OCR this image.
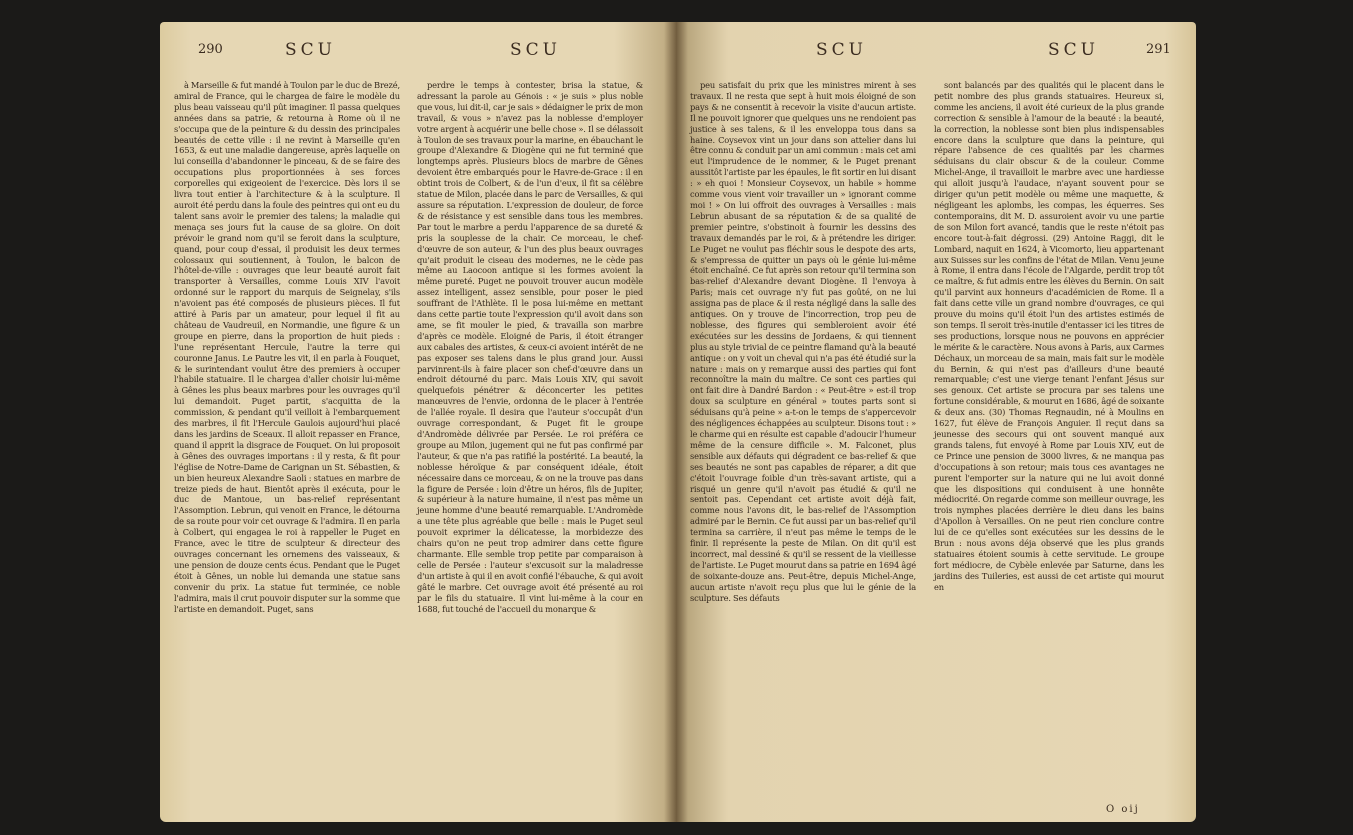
290	SCU	SCU

à Marseille & fut mandé à Toulon par le duc de Brezé, amiral de France, qui le chargea de faire le modèle du plus beau vaisseau qu'il pût imaginer. Il passa quelques années dans sa patrie, & retourna à Rome où il ne s'occupa que de la peinture & du dessin des principales beautés de cette ville : il ne revint à Marseille qu'en 1653, & eut une maladie dangereuse, après laquelle on lui conseilla d'abandonner le pinceau, & de se faire des occupations plus proportionnées à ses forces corporelles qui exigeoient de l'exercice. Dès lors il se livra tout entier à l'architecture & à la sculpture. Il auroit été perdu dans la foule des peintres qui ont eu du talent sans avoir le premier des talens; la maladie qui menaça ses jours fut la cause de sa gloire. On doit prévoir le grand nom qu'il se feroit dans la sculpture, quand, pour coup d'essai, il produisit les deux termes colossaux qui soutiennent, à Toulon, le balcon de l'hôtel-de-ville : ouvrages que leur beauté auroit fait transporter à Versailles, comme Louis XIV l'avoit ordonné sur le rapport du marquis de Seignelay, s'ils n'avoient pas été composés de plusieurs pièces. Il fut attiré à Paris par un amateur, pour lequel il fit au château de Vaudreuil, en Normandie, une figure & un groupe en pierre, dans la proportion de huit pieds : l'une représentant Hercule, l'autre la terre qui couronne Janus. Le Pautre les vit, il en parla à Fouquet, & le surintendant voulut être des premiers à occuper l'habile statuaire. Il le chargea d'aller choisir lui-même à Gênes les plus beaux marbres pour les ouvrages qu'il lui demandoit. Puget partit, s'acquitta de la commission, & pendant qu'il veilloit à l'embarquement des marbres, il fit l'Hercule Gaulois aujourd'hui placé dans les jardins de Sceaux. Il alloit repasser en France, quand il apprit la disgrace de Fouquet. On lui proposoit à Gênes des ouvrages importans : il y resta, & fit pour l'église de Notre-Dame de Carignan un St. Sébastien, & un bien heureux Alexandre Saoli : statues en marbre de treize pieds de haut. Bientôt après il exécuta, pour le duc de Mantoue, un bas-relief représentant l'Assomption. Lebrun, qui venoit en France, le détourna de sa route pour voir cet ouvrage & l'admira. Il en parla à Colbert, qui engagea le roi à rappeller le Puget en France, avec le titre de sculpteur & directeur des ouvrages concernant les ornemens des vaisseaux, & une pension de douze cents écus. Pendant que le Puget étoit à Gênes, un noble lui demanda une statue sans convenir du prix. La statue fut terminée, ce noble l'admira, mais il crut pouvoir disputer sur la somme que l'artiste en demandoit. Puget, sans

perdre le temps à contester, brisa la statue, & adressant la parole au Génois : « je suis » plus noble que vous, lui dit-il, car je sais » dédaigner le prix de mon travail, & vous » n'avez pas la noblesse d'employer votre argent à acquérir une belle chose ». Il se délassoit à Toulon de ses travaux pour la marine, en ébauchant le groupe d'Alexandre & Diogène qui ne fut terminé que longtemps après. Plusieurs blocs de marbre de Gênes devoient être embarqués pour le Havre-de-Grace : il en obtint trois de Colbert, & de l'un d'eux, il fit sa célèbre statue de Milon, placée dans le parc de Versailles, & qui assure sa réputation. L'expression de douleur, de force & de résistance y est sensible dans tous les membres. Par tout le marbre a perdu l'apparence de sa dureté & pris la souplesse de la chair. Ce morceau, le chef-d'œuvre de son auteur, & l'un des plus beaux ouvrages qu'ait produit le ciseau des modernes, ne le cède pas même au Laocoon antique si les formes avoient la même pureté. Puget ne pouvoit trouver aucun modèle assez intelligent, assez sensible, pour poser le pied souffrant de l'Athlète. Il le posa lui-même en mettant dans cette partie toute l'expression qu'il avoit dans son ame, se fit mouler le pied, & travailla son marbre d'après ce modèle. Eloigné de Paris, il étoit étranger aux cabales des artistes, & ceux-ci avoient intérêt de ne pas exposer ses talens dans le plus grand jour. Aussi parvinrent-ils à faire placer son chef-d'œuvre dans un endroit détourné du parc. Mais Louis XIV, qui savoit quelquefois pénétrer & déconcerter les petites manœuvres de l'envie, ordonna de le placer à l'entrée de l'allée royale. Il desira que l'auteur s'occupât d'un ouvrage correspondant, & Puget fit le groupe d'Andromède délivrée par Persée. Le roi préféra ce groupe au Milon, jugement qui ne fut pas confirmé par l'auteur, & que n'a pas ratifié la postérité. La beauté, la noblesse héroïque & par conséquent idéale, étoit nécessaire dans ce morceau, & on ne la trouve pas dans la figure de Persée : loin d'être un héros, fils de Jupiter, & supérieur à la nature humaine, il n'est pas même un jeune homme d'une beauté remarquable. L'Andromède a une tête plus agréable que belle : mais le Puget seul pouvoit exprimer la délicatesse, la morbidezze des chairs qu'on ne peut trop admirer dans cette figure charmante. Elle semble trop petite par comparaison à celle de Persée : l'auteur s'excusoit sur la maladresse d'un artiste à qui il en avoit confié l'ébauche, & qui avoit gâté le marbre. Cet ouvrage avoit été présenté au roi par le fils du statuaire. Il vint lui-même à la cour en 1688, fut touché de l'accueil du monarque &

SCU	SCU	291

peu satisfait du prix que les ministres mirent à ses travaux. Il ne resta que sept à huit mois éloigné de son pays & ne consentit à recevoir la visite d'aucun artiste. Il ne pouvoit ignorer que quelques uns ne rendoient pas justice à ses talens, & il les enveloppa tous dans sa haine. Coysevox vint un jour dans son attelier dans lui être connu & conduit par un ami commun : mais cet ami eut l'imprudence de le nommer, & le Puget prenant aussitôt l'artiste par les épaules, le fit sortir en lui disant : » eh quoi ! Monsieur Coysevox, un habile » homme comme vous vient voir travailler un » ignorant comme moi ! » On lui offroit des ouvrages à Versailles : mais Lebrun abusant de sa réputation & de sa qualité de premier peintre, s'obstinoit à fournir les dessins des travaux demandés par le roi, & à prétendre les diriger. Le Puget ne voulut pas fléchir sous le despote des arts, & s'empressa de quitter un pays où le génie lui-même étoit enchaîné. Ce fut après son retour qu'il termina son bas-relief d'Alexandre devant Diogène. Il l'envoya à Paris; mais cet ouvrage n'y fut pas goûté, on ne lui assigna pas de place & il resta négligé dans la salle des antiques. On y trouve de l'incorrection, trop peu de noblesse, des figures qui sembleroient avoir été exécutées sur les dessins de Jordaens, & qui tiennent plus au style trivial de ce peintre flamand qu'à la beauté antique : on y voit un cheval qui n'a pas été étudié sur la nature : mais on y remarque aussi des parties qui font reconnoître la main du maître. Ce sont ces parties qui ont fait dire à Dandré Bardon : « Peut-être » est-il trop doux sa sculpture en général » toutes parts sont si séduisans qu'à peine » a-t-on le temps de s'appercevoir des négligences échappées au sculpteur. Disons tout : » le charme qui en résulte est capable d'adoucir l'humeur même de la censure difficile ». M. Falconet, plus sensible aux défauts qui dégradent ce bas-relief & que ses beautés ne sont pas capables de réparer, a dit que c'étoit l'ouvrage foible d'un très-savant artiste, qui a risqué un genre qu'il n'avoit pas étudié & qu'il ne sentoit pas. Cependant cet artiste avoit déjà fait, comme nous l'avons dit, le bas-relief de l'Assomption admiré par le Bernin. Ce fut aussi par un bas-relief qu'il termina sa carrière, il n'eut pas même le temps de le finir. Il représente la peste de Milan. On dit qu'il est incorrect, mal dessiné & qu'il se ressent de la vieillesse de l'artiste. Le Puget mourut dans sa patrie en 1694 âgé de soixante-douze ans. Peut-être, depuis Michel-Ange, aucun artiste n'avoit reçu plus que lui le génie de la sculpture. Ses défauts

sont balancés par des qualités qui le placent dans le petit nombre des plus grands statuaires. Heureux si, comme les anciens, il avoit été curieux de la plus grande correction & sensible à l'amour de la beauté : la beauté, la correction, la noblesse sont bien plus indispensables encore dans la sculpture que dans la peinture, qui répare l'absence de ces qualités par les charmes séduisans du clair obscur & de la couleur. Comme Michel-Ange, il travailloit le marbre avec une hardiesse qui alloit jusqu'à l'audace, n'ayant souvent pour se diriger qu'un petit modèle ou même une maquette, & négligeant les aplombs, les compas, les équerres. Ses contemporains, dit M. D. assuroient avoir vu une partie de son Milon fort avancé, tandis que le reste n'étoit pas encore tout-à-fait dégrossi. (29) Antoine Raggi, dit le Lombard, naquit en 1624, à Vicomorto, lieu appartenant aux Suisses sur les confins de l'état de Milan. Venu jeune à Rome, il entra dans l'école de l'Algarde, perdit trop tôt ce maître, & fut admis entre les élèves du Bernin. On sait qu'il parvint aux honneurs d'académicien de Rome. Il a fait dans cette ville un grand nombre d'ouvrages, ce qui prouve du moins qu'il étoit l'un des artistes estimés de son temps. Il seroit très-inutile d'entasser ici les titres de ses productions, lorsque nous ne pouvons en apprécier le mérite & le caractère. Nous avons à Paris, aux Carmes Déchaux, un morceau de sa main, mais fait sur le modèle du Bernin, & qui n'est pas d'ailleurs d'une beauté remarquable; c'est une vierge tenant l'enfant Jésus sur ses genoux. Cet artiste se procura par ses talens une fortune considérable, & mourut en 1686, âgé de soixante & deux ans. (30) Thomas Regnaudin, né à Moulins en 1627, fut élève de François Anguier. Il reçut dans sa jeunesse des secours qui ont souvent manqué aux grands talens, fut envoyé à Rome par Louis XIV, eut de ce Prince une pension de 3000 livres, & ne manqua pas d'occupations à son retour; mais tous ces avantages ne purent l'emporter sur la nature qui ne lui avoit donné que les dispositions qui conduisent à une honnête médiocrité. On regarde comme son meilleur ouvrage, les trois nymphes placées derrière le dieu dans les bains d'Apollon à Versailles. On ne peut rien conclure contre lui de ce qu'elles sont exécutées sur les dessins de le Brun : nous avons déja observé que les plus grands statuaires étoient soumis à cette servitude. Le groupe fort médiocre, de Cybèle enlevée par Saturne, dans les jardins des Tuileries, est aussi de cet artiste qui mourut en

O oij
